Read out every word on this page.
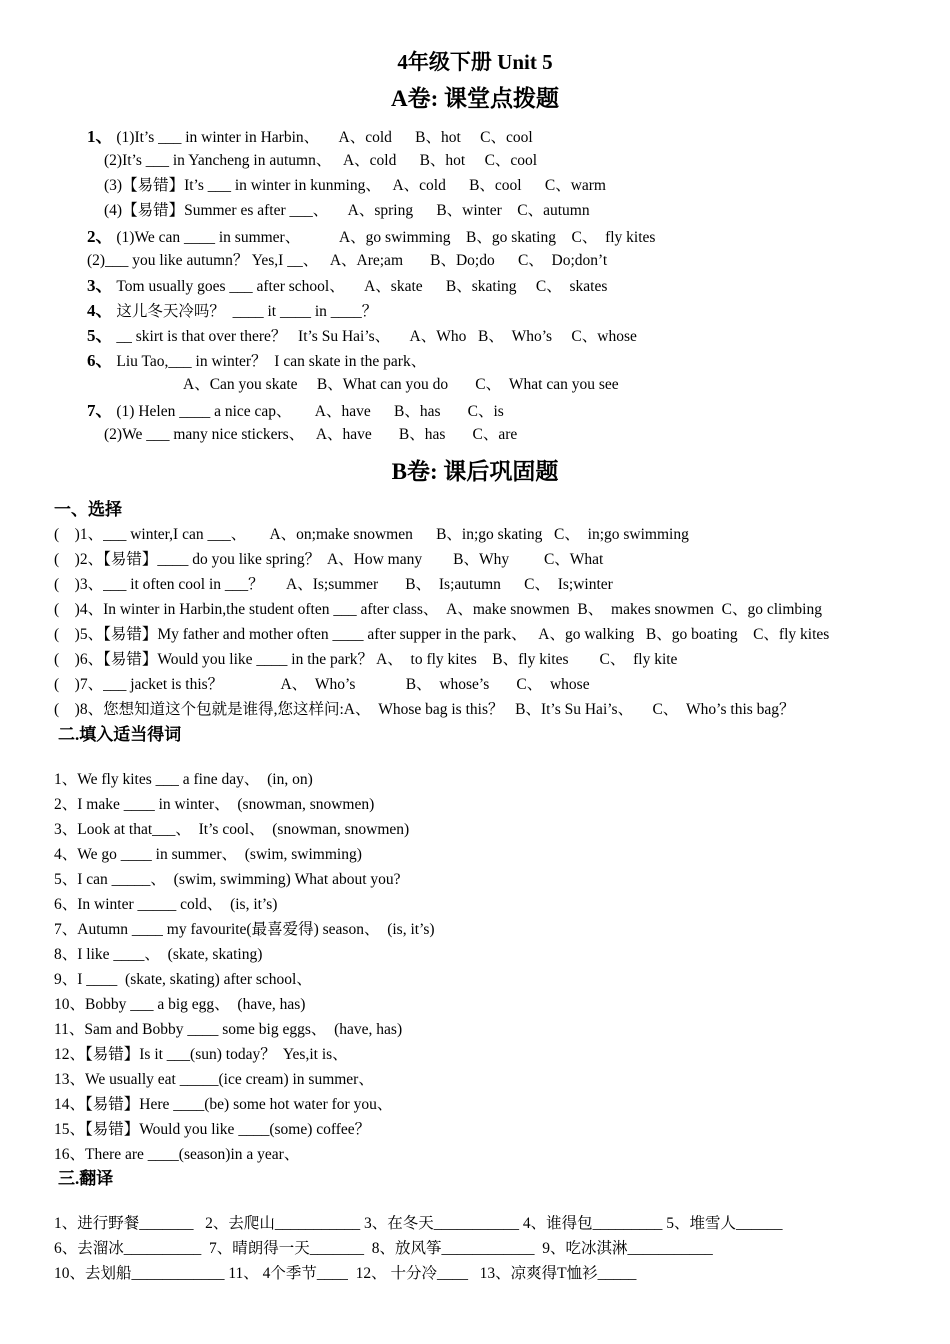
4年级下册 Unit 5
A卷: 课堂点拨题
1、 (1)It’s ___ in winter in Harbin、     A、cold      B、hot     C、cool
(2)It’s ___ in Yancheng in autumn、   A、cold      B、hot     C、cool
(3)【易错】It’s ___ in winter in kunming、   A、cold      B、cool      C、warm
(4)【易错】Summer es after ___、     A、spring      B、winter    C、autumn
2、 (1)We can ____ in summer、          A、go swimming    B、go skating    C、  fly kites
(2)___ you like autumn？ Yes,I __、   A、Are;am       B、Do;do      C、  Do;don’t
3、 Tom usually goes ___ after school、     A、skate      B、skating     C、  skates
4、 这儿冬天冷吗？  ____ it ____ in ____？
5、 __ skirt is that over there？   It’s Su Hai’s、     A、Who   B、  Who’s     C、whose
6、 Liu Tao,___ in winter？  I can skate in the park、
A、Can you skate     B、What can you do       C、  What can you see
7、 (1) Helen ____ a nice cap、      A、have      B、has       C、is
(2)We ___ many nice stickers、   A、have       B、has       C、are
B卷: 课后巩固题
一、选择
(    )1、___ winter,I can ___、      A、on;make snowmen      B、in;go skating   C、  in;go swimming
(    )2、【易错】____ do you like spring？  A、How many        B、Why         C、What
(    )3、___ it often cool in ___？      A、Is;summer       B、  Is;autumn      C、  Is;winter
(    )4、In winter in Harbin,the student often ___ after class、  A、make snowmen  B、  makes snowmen  C、go climbing
(    )5、【易错】My father and mother often ____ after supper in the park、   A、go walking   B、go boating    C、fly kites
(    )6、【易错】Would you like ____ in the park？ A、  to fly kites    B、fly kites        C、  fly kite
(    )7、___ jacket is this？               A、  Who’s             B、  whose’s       C、  whose
(    )8、您想知道这个包就是谁得,您这样问:A、  Whose bag is this？   B、It’s Su Hai’s、     C、  Who’s this bag？
二.填入适当得词
1、We fly kites ___ a fine day、  (in, on)
2、I make ____ in winter、  (snowman, snowmen)
3、Look at that___、  It’s cool、  (snowman, snowmen)
4、We go ____ in summer、  (swim, swimming)
5、I can _____、  (swim, swimming) What about you?
6、In winter _____ cold、  (is, it’s)
7、Autumn ____ my favourite(最喜爱得) season、  (is, it’s)
8、I like ____、  (skate, skating)
9、I ____  (skate, skating) after school、
10、Bobby ___ a big egg、  (have, has)
11、Sam and Bobby ____ some big eggs、  (have, has)
12、【易错】Is it ___(sun) today？  Yes,it is、
13、We usually eat _____(ice cream) in summer、
14、【易错】Here ____(be) some hot water for you、
15、【易错】Would you like ____(some) coffee？
16、There are ____(season)in a year、
三.翻译
1、进行野餐_______   2、去爬山___________ 3、在冬天___________ 4、谁得包_________ 5、堆雪人______
6、去溜冰__________  7、晴朗得一天_______  8、放风筝____________  9、吃冰淇淋___________
10、去划船____________ 11、 4个季节____  12、 十分冷____   13、凉爽得T恤衫_____
